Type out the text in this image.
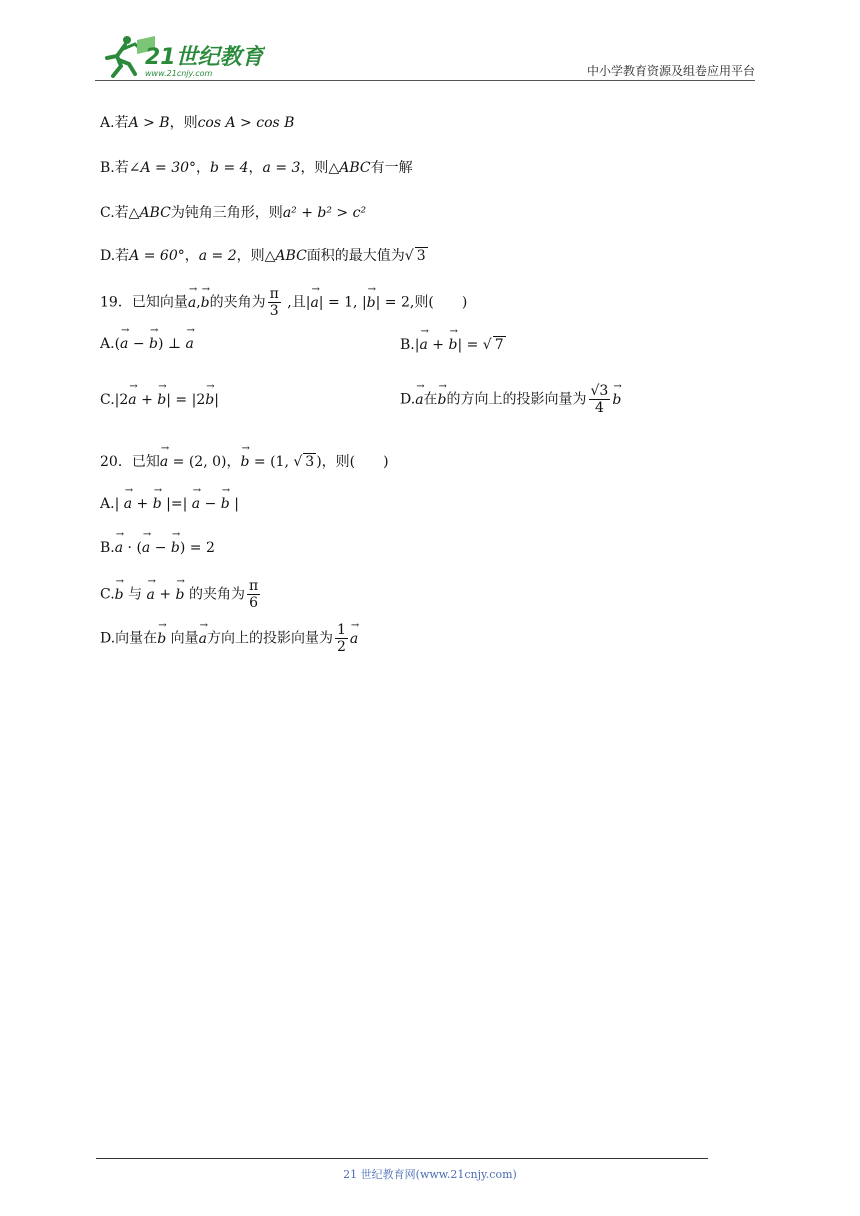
21世纪教育
www.21cnjy.com	中小学教育资源及组卷应用平台
A.若A > B，则cos A > cos B
B.若∠A = 30°，b = 4，a = 3，则△ABC有一解
C.若△ABC为钝角三角形，则a² + b² > c²
D.若A = 60°，a = 2，则△ABC面积的最大值为√ 3
19．已知向量→ a,→ b的夹角为 $\frac{\pi}{3}$ ,且|→ a| = 1, |→ b| = 2,则(　　)
A.(→ a − → b) ⊥ → a	B.|→ a + → b| = √ 7
C.|2→ a + → b| = |2→ b|	D.→ a在→ b的方向上的投影向量为 $\frac{√3}{4}$
→ b
20．已知→ a = (2, 0)，→ b = (1, √ 3 )，则(　　)
A.| → a + → b |=| → a − → b |
B.→ a · (→ a − → b) = 2
C.→ b 与 → a + → b 的夹角为 $\frac{\pi}{6}$
D.向量在→ b 向量→ a方向上的投影向量为 $\frac{1}{2}$
→ a
21 世纪教育网(www.21cnjy.com)
